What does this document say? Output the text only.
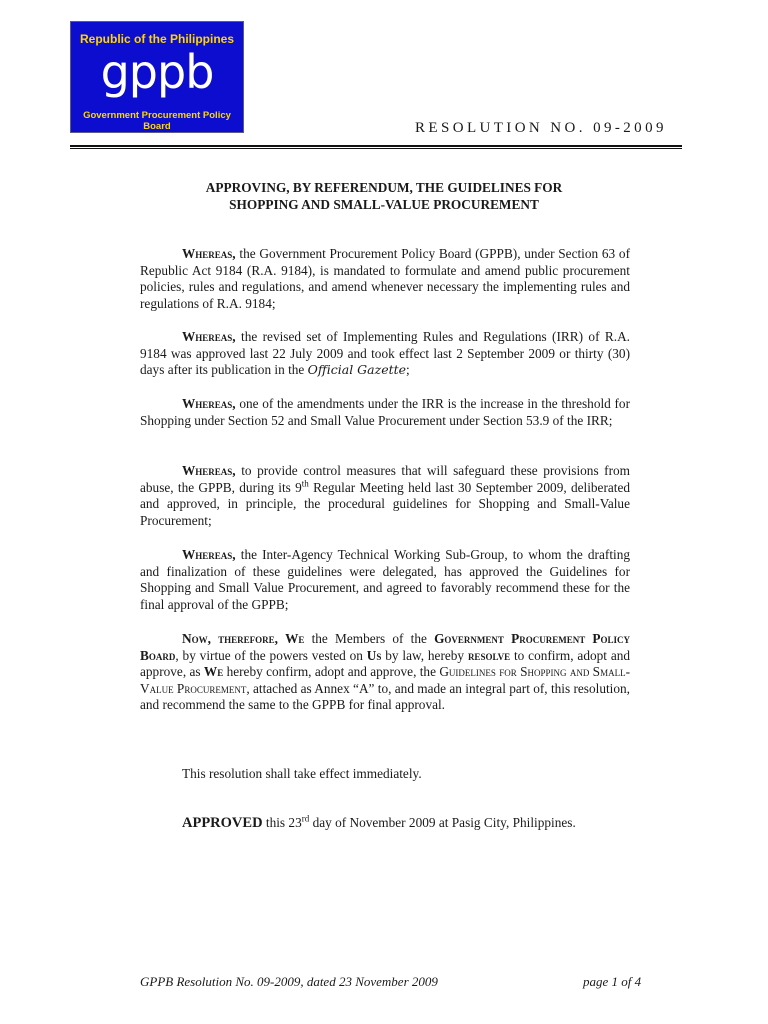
Republic of the Philippines
gppb
Government Procurement Policy Board	RESOLUTION NO. 09-2009
APPROVING, BY REFERENDUM, THE GUIDELINES FOR
SHOPPING AND SMALL-VALUE PROCUREMENT

Whereas, the Government Procurement Policy Board (GPPB), under Section 63 of Republic Act 9184 (R.A. 9184), is mandated to formulate and amend public procurement policies, rules and regulations, and amend whenever necessary the implementing rules and regulations of R.A. 9184;

Whereas, the revised set of Implementing Rules and Regulations (IRR) of R.A. 9184 was approved last 22 July 2009 and took effect last 2 September 2009 or thirty (30) days after its publication in the Official Gazette;

Whereas, one of the amendments under the IRR is the increase in the threshold for Shopping under Section 52 and Small Value Procurement under Section 53.9 of the IRR;

Whereas, to provide control measures that will safeguard these provisions from abuse, the GPPB, during its 9th Regular Meeting held last 30 September 2009, deliberated and approved, in principle, the procedural guidelines for Shopping and Small-Value Procurement;

Whereas, the Inter-Agency Technical Working Sub-Group, to whom the drafting and finalization of these guidelines were delegated, has approved the Guidelines for Shopping and Small Value Procurement, and agreed to favorably recommend these for the final approval of the GPPB;

Now, therefore, We the Members of the Government Procurement Policy Board, by virtue of the powers vested on Us by law, hereby resolve to confirm, adopt and approve, as We hereby confirm, adopt and approve, the Guidelines for Shopping and Small-Value Procurement, attached as Annex “A” to, and made an integral part of, this resolution, and recommend the same to the GPPB for final approval.

This resolution shall take effect immediately.

APPROVED this 23rd day of November 2009 at Pasig City, Philippines.

GPPB Resolution No. 09-2009, dated 23 November 2009	page 1 of 4
